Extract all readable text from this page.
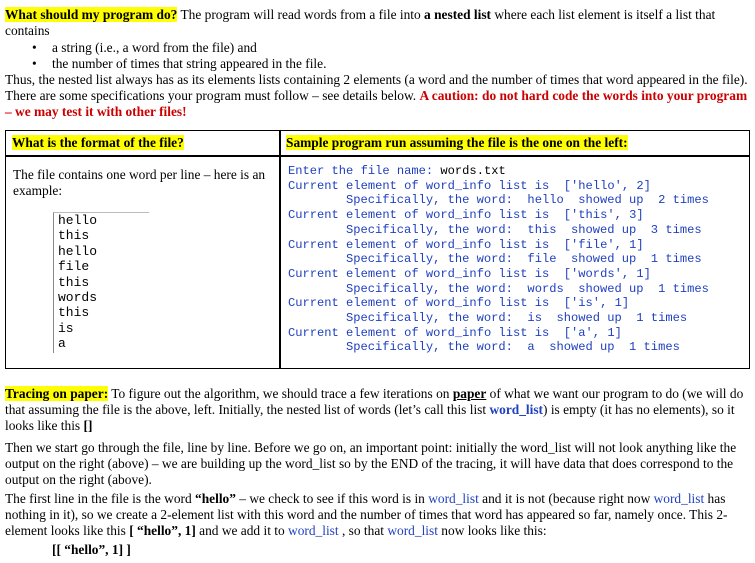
What should my program do? The program will read words from a file into a nested list where each list element is itself a list that contains

• a string (i.e., a word from the file) and
• the number of times that string appeared in the file.

Thus, the nested list always has as its elements lists containing 2 elements (a word and the number of times that word appeared in the file). There are some specifications your program must follow – see details below. A caution: do not hard code the words into your program – we may test it with other files!

What is the format of the file?	Sample program run assuming the file is the one on the left:
The file contains one word per line – here is an example:
hello
this
hello
file
this
words
this
is
a
Enter the file name: words.txt
Current element of word_info list is  ['hello', 2]
Specifically, the word:  hello  showed up  2 times
Current element of word_info list is  ['this', 3]
Specifically, the word:  this  showed up  3 times
Current element of word_info list is  ['file', 1]
Specifically, the word:  file  showed up  1 times
Current element of word_info list is  ['words', 1]
Specifically, the word:  words  showed up  1 times
Current element of word_info list is  ['is', 1]
Specifically, the word:  is  showed up  1 times
Current element of word_info list is  ['a', 1]
Specifically, the word:  a  showed up  1 times

Tracing on paper: To figure out the algorithm, we should trace a few iterations on paper of what we want our program to do (we will do that assuming the file is the above, left. Initially, the nested list of words (let’s call this list word_list) is empty (it has no elements), so it looks like this []

Then we start go through the file, line by line. Before we go on, an important point: initially the word_list will not look anything like the output on the right (above) – we are building up the word_list so by the END of the tracing, it will have data that does correspond to the output on the right (above).

The first line in the file is the word “hello” – we check to see if this word is in word_list and it is not (because right now word_list has nothing in it), so we create a 2-element list with this word and the number of times that word has appeared so far, namely once. This 2-element looks like this [ “hello”, 1] and we add it to word_list , so that word_list now looks like this:

[[ “hello”, 1] ]
